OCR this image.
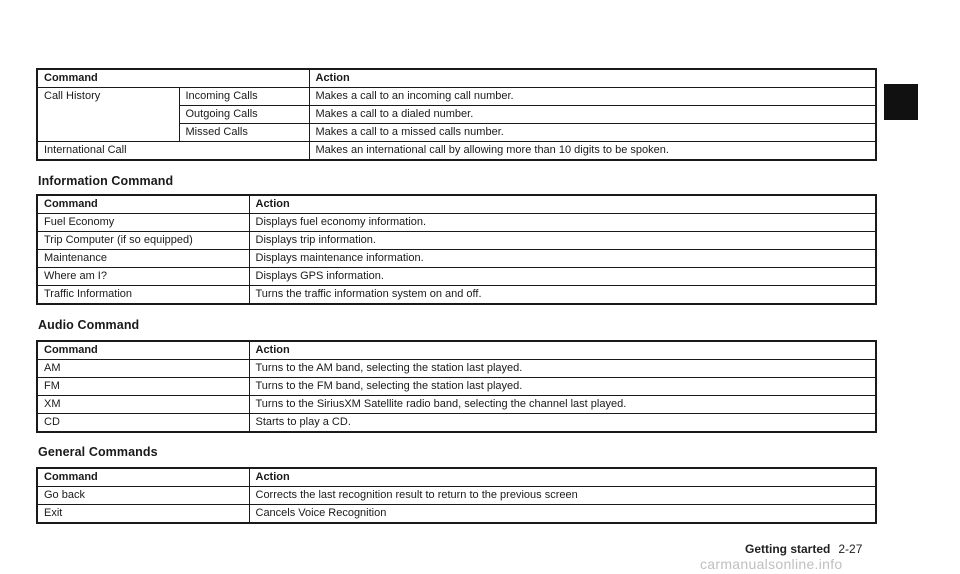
Command		Action
Call History	Incoming Calls	Makes a call to an incoming call number.
	Outgoing Calls	Makes a call to a dialed number.
	Missed Calls	Makes a call to a missed calls number.
International Call		Makes an international call by allowing more than 10 digits to be spoken.
Information Command
Command	Action
Fuel Economy	Displays fuel economy information.
Trip Computer (if so equipped)	Displays trip information.
Maintenance	Displays maintenance information.
Where am I?	Displays GPS information.
Traffic Information	Turns the traffic information system on and off.
Audio Command
Command	Action
AM	Turns to the AM band, selecting the station last played.
FM	Turns to the FM band, selecting the station last played.
XM	Turns to the SiriusXM Satellite radio band, selecting the channel last played.
CD	Starts to play a CD.
General Commands
Command	Action
Go back	Corrects the last recognition result to return to the previous screen
Exit	Cancels Voice Recognition
Getting started 2-27
carmanualsonline.info
